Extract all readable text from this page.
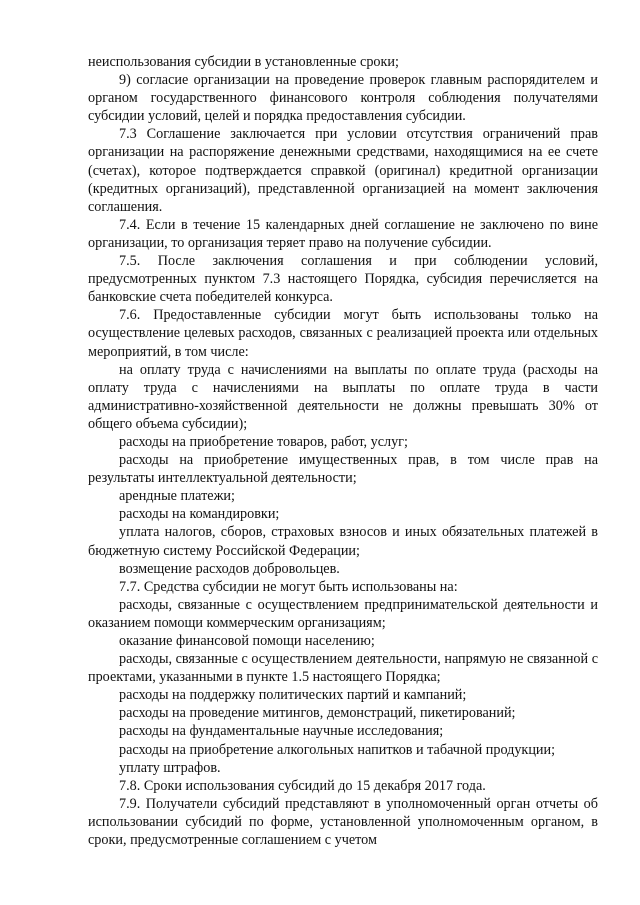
неиспользования субсидии в установленные сроки;

9) согласие организации на проведение проверок главным распорядителем и органом государственного финансового контроля соблюдения получателями субсидии условий, целей и порядка предоставления субсидии.

7.3 Соглашение заключается при условии отсутствия ограничений прав организации на распоряжение денежными средствами, находящимися на ее счете (счетах), которое подтверждается справкой (оригинал) кредитной организации (кредитных организаций), представленной организацией на момент заключения соглашения.

7.4. Если в течение 15 календарных дней соглашение не заключено по вине организации, то организация теряет право на получение субсидии.

7.5. После заключения соглашения и при соблюдении условий, предусмотренных пунктом 7.3 настоящего Порядка, субсидия перечисляется на банковские счета победителей конкурса.

7.6. Предоставленные субсидии могут быть использованы только на осуществление целевых расходов, связанных с реализацией проекта или отдельных мероприятий, в том числе:

на оплату труда с начислениями на выплаты по оплате труда (расходы на оплату труда с начислениями на выплаты по оплате труда в части административно-хозяйственной деятельности не должны превышать 30% от общего объема субсидии);

расходы на приобретение товаров, работ, услуг;

расходы на приобретение имущественных прав, в том числе прав на результаты интеллектуальной деятельности;

арендные платежи;

расходы на командировки;

уплата налогов, сборов, страховых взносов и иных обязательных платежей в бюджетную систему Российской Федерации;

возмещение расходов добровольцев.

7.7. Средства субсидии не могут быть использованы на:

расходы, связанные с осуществлением предпринимательской деятельности и оказанием помощи коммерческим организациям;

оказание финансовой помощи населению;

расходы, связанные с осуществлением деятельности, напрямую не связанной с проектами, указанными в пункте 1.5 настоящего Порядка;

расходы на поддержку политических партий и кампаний;

расходы на проведение митингов, демонстраций, пикетирований;

расходы на фундаментальные научные исследования;

расходы на приобретение алкогольных напитков и табачной продукции;

уплату штрафов.

7.8. Сроки использования субсидий до 15 декабря 2017 года.

7.9. Получатели субсидий представляют в уполномоченный орган отчеты об использовании субсидий по форме, установленной уполномоченным органом, в сроки, предусмотренные соглашением с учетом
